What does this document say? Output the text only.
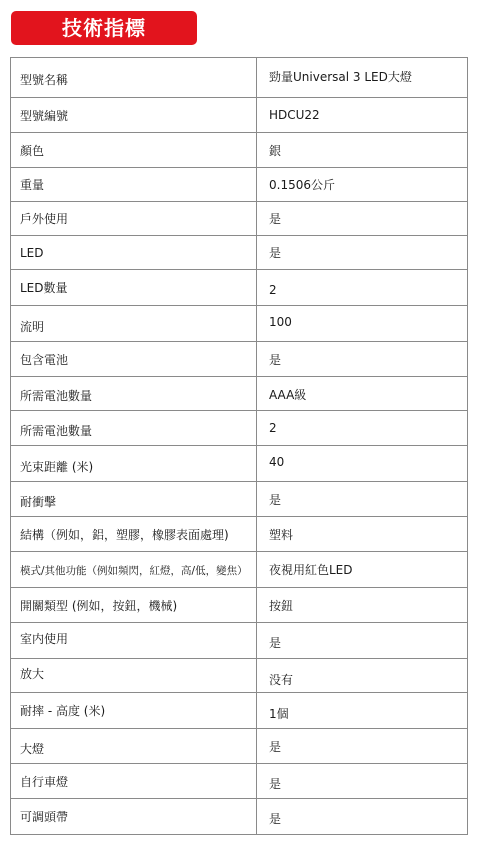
技術指標
型號名稱	勁量Universal 3 LED大燈
型號編號	HDCU22
顏色	銀
重量	0.1506公斤
戶外使用	是
LED	是
LED數量	2
流明	100
包含電池	是
所需電池數量	AAA級
所需電池數量	2
光束距離 (米)	40
耐衝擊	是
結構（例如，鋁，塑膠，橡膠表面處理)	塑料
模式/其他功能（例如頻閃，紅燈，高/低，變焦）	夜視用紅色LED
開關類型 (例如，按鈕，機械)	按鈕
室内使用	是
放大	没有
耐摔 - 高度 (米)	1個
大燈	是
自行車燈	是
可調頭帶	是
